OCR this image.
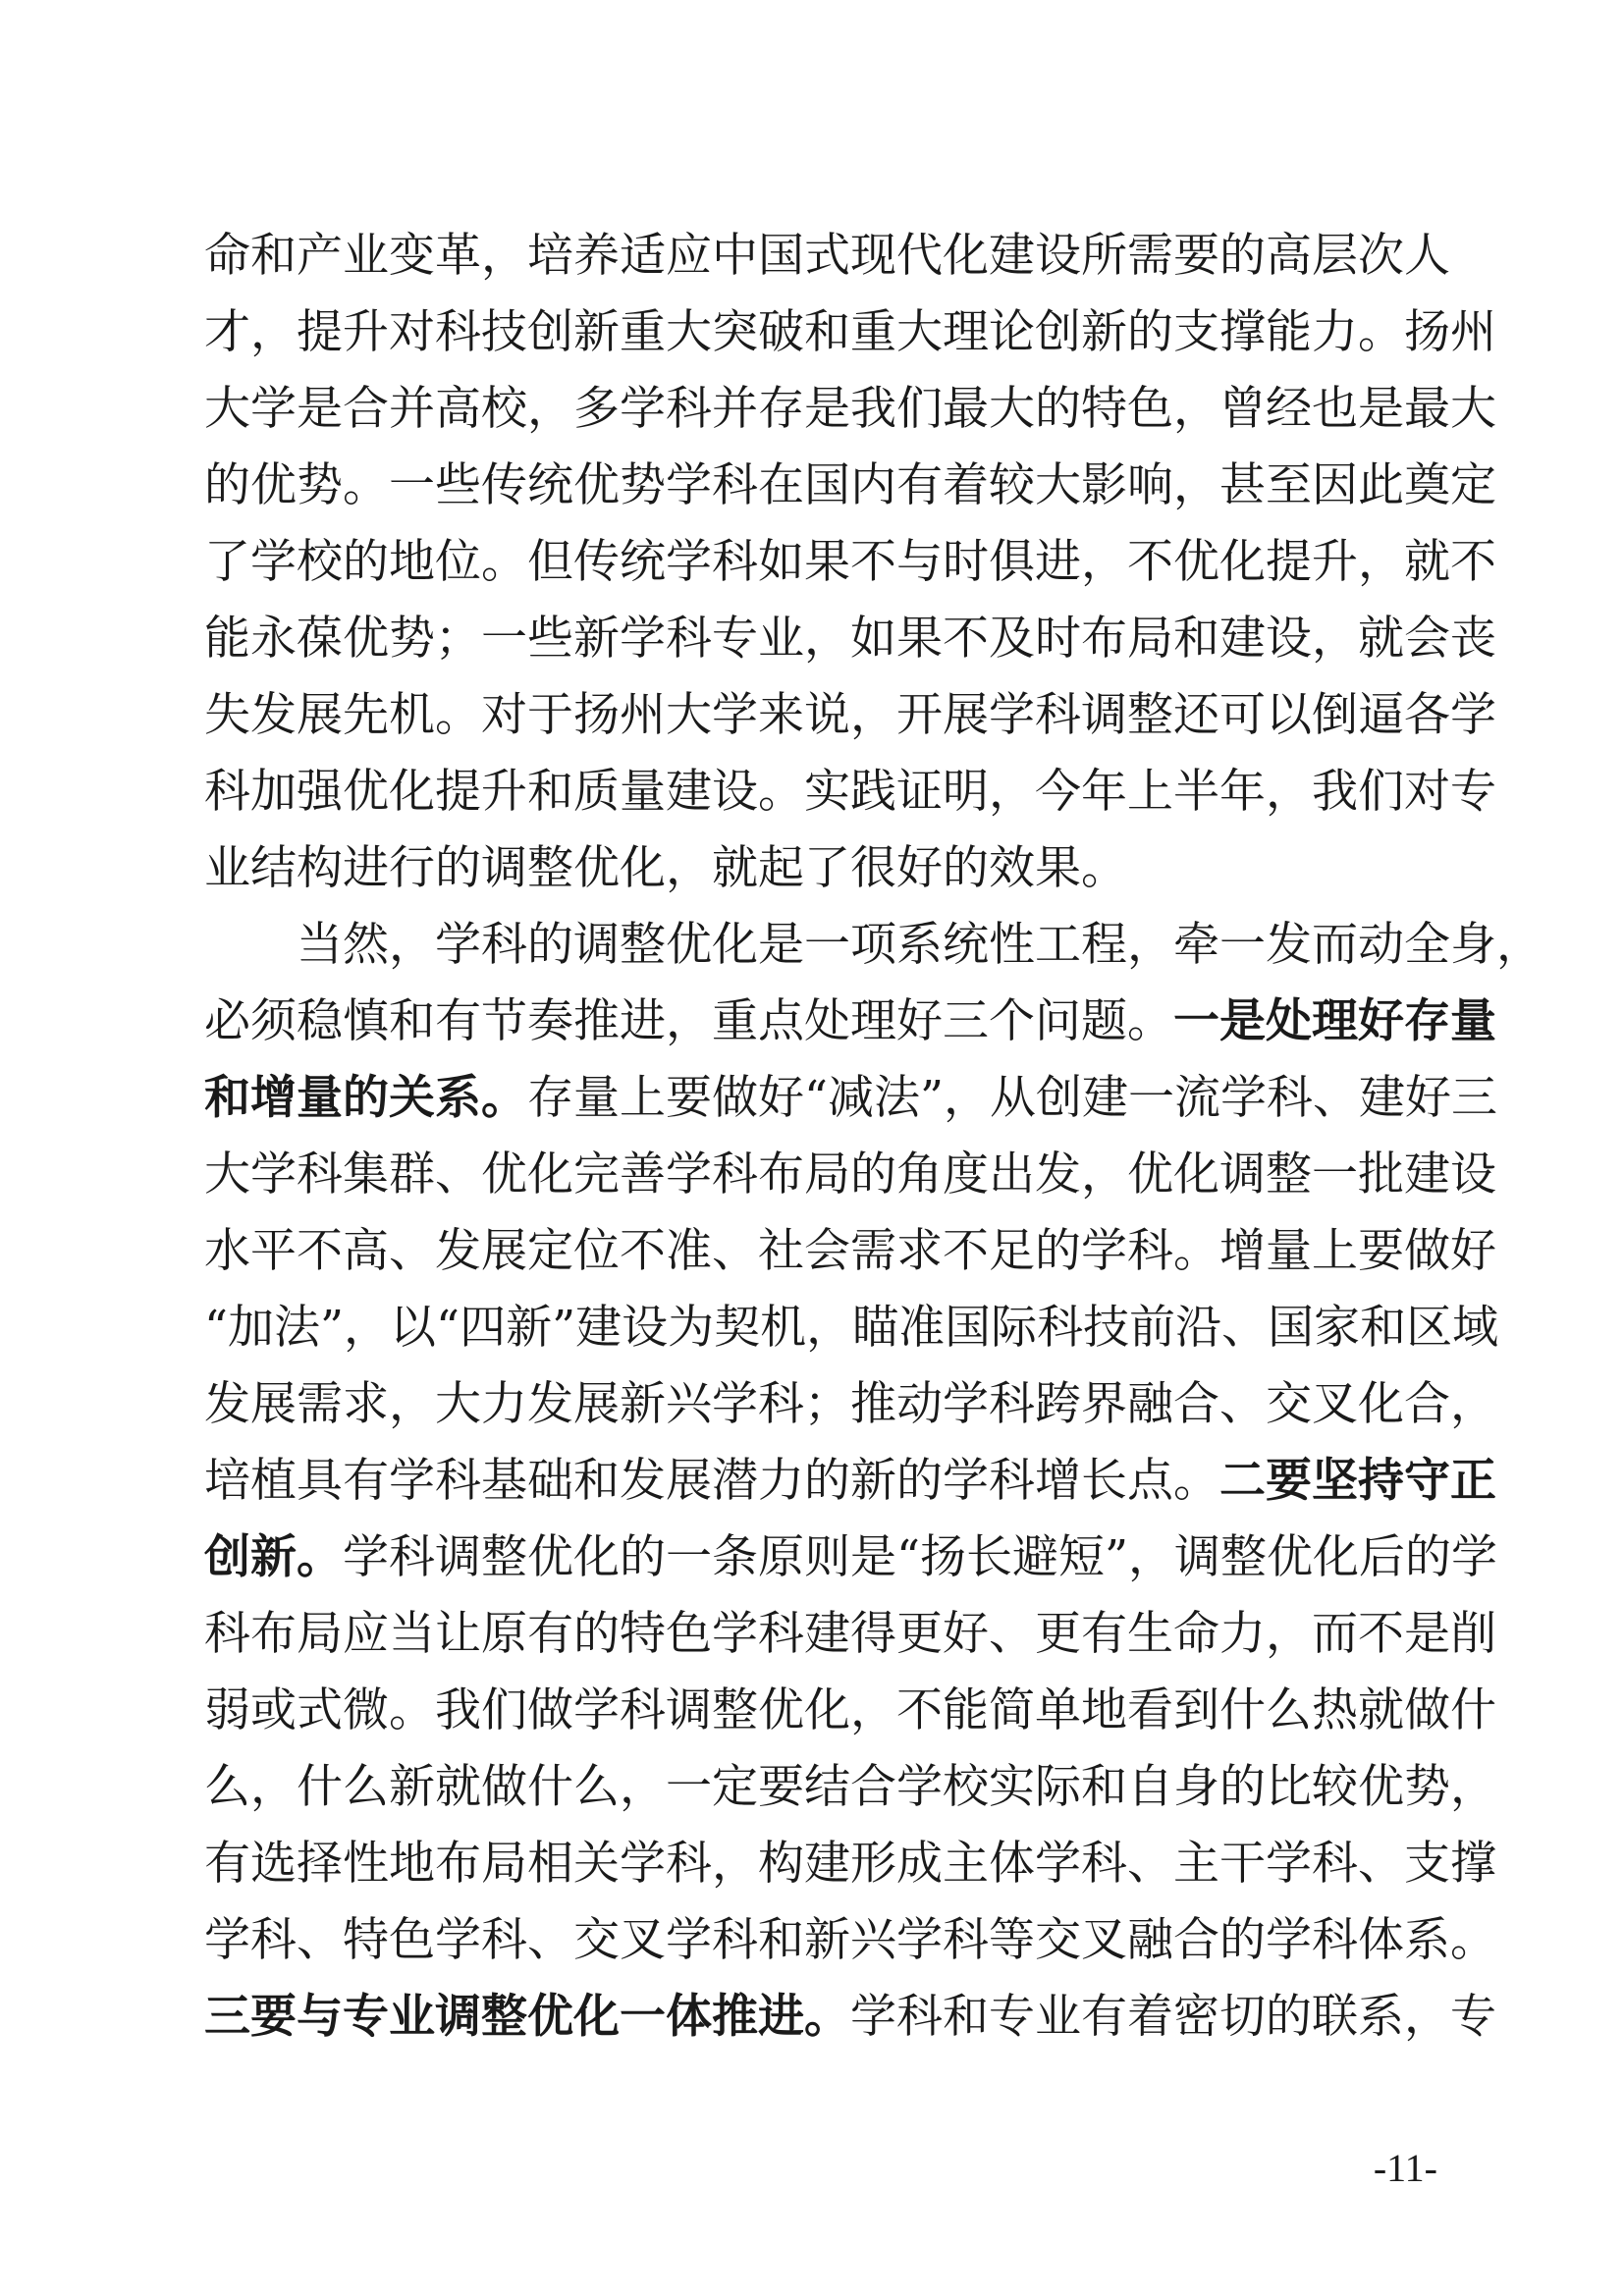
命和产业变革，培养适应中国式现代化建设所需要的高层次人
才，提升对科技创新重大突破和重大理论创新的支撑能力。扬州
大学是合并高校，多学科并存是我们最大的特色，曾经也是最大
的优势。一些传统优势学科在国内有着较大影响，甚至因此奠定
了学校的地位。但传统学科如果不与时俱进，不优化提升，就不
能永葆优势；一些新学科专业，如果不及时布局和建设，就会丧
失发展先机。对于扬州大学来说，开展学科调整还可以倒逼各学
科加强优化提升和质量建设。实践证明，今年上半年，我们对专
业结构进行的调整优化，就起了很好的效果。
　　当然，学科的调整优化是一项系统性工程，牵一发而动全身，
必须稳慎和有节奏推进，重点处理好三个问题。一是处理好存量
和增量的关系。存量上要做好“减法”，从创建一流学科、建好三
大学科集群、优化完善学科布局的角度出发，优化调整一批建设
水平不高、发展定位不准、社会需求不足的学科。增量上要做好
“加法”，以“四新”建设为契机，瞄准国际科技前沿、国家和区域
发展需求，大力发展新兴学科；推动学科跨界融合、交叉化合，
培植具有学科基础和发展潜力的新的学科增长点。二要坚持守正
创新。学科调整优化的一条原则是“扬长避短”，调整优化后的学
科布局应当让原有的特色学科建得更好、更有生命力，而不是削
弱或式微。我们做学科调整优化，不能简单地看到什么热就做什
么，什么新就做什么，一定要结合学校实际和自身的比较优势，
有选择性地布局相关学科，构建形成主体学科、主干学科、支撑
学科、特色学科、交叉学科和新兴学科等交叉融合的学科体系。
三要与专业调整优化一体推进。学科和专业有着密切的联系，专
-11-
